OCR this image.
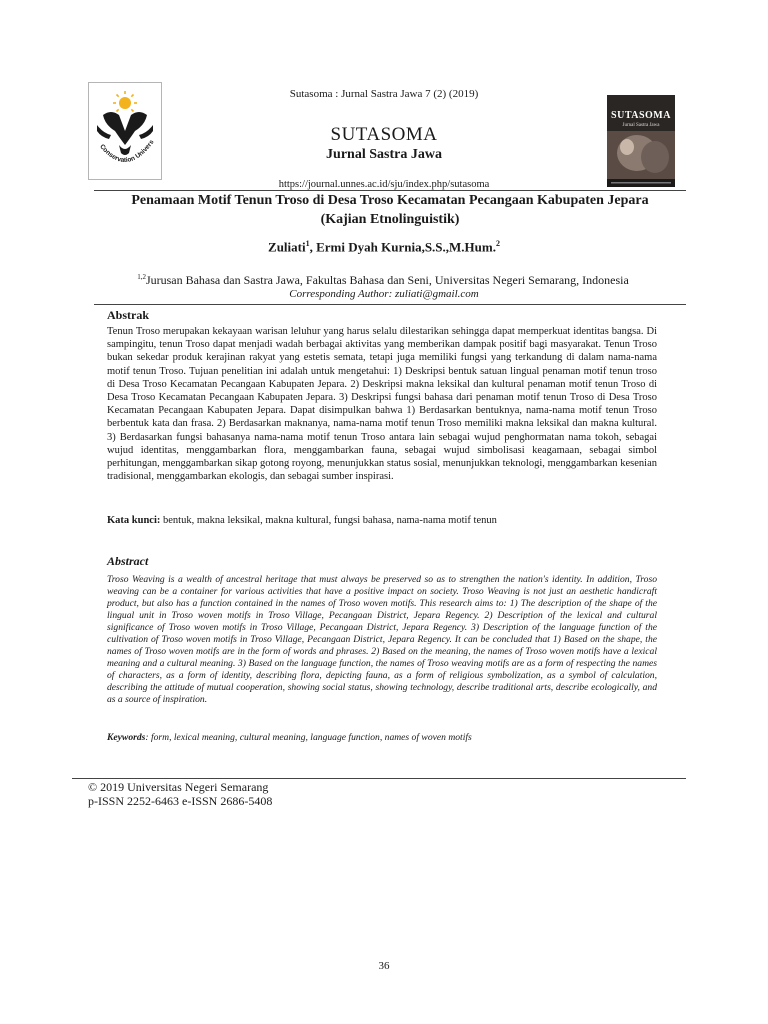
Sutasoma : Jurnal Sastra Jawa 7 (2) (2019)
Conservation Univers
SUTASOMA
Jurnal Sastra Jawa
SUTASOMA
Jurnal Sastra Jawa
https://journal.unnes.ac.id/sju/index.php/sutasoma
Penamaan Motif Tenun Troso di Desa Troso Kecamatan Pecangaan Kabupaten Jepara (Kajian Etnolinguistik)
Zuliati$^1$, Ermi Dyah Kurnia,S.S.,M.Hum.$^2$
$^{1,2}$Jurusan Bahasa dan Sastra Jawa, Fakultas Bahasa dan Seni, Universitas Negeri Semarang, Indonesia
Corresponding Author: zuliati@gmail.com
Abstrak
Tenun Troso merupakan kekayaan warisan leluhur yang harus selalu dilestarikan sehingga dapat memperkuat identitas bangsa. Di sampingitu, tenun Troso dapat menjadi wadah berbagai aktivitas yang memberikan dampak positif bagi masyarakat. Tenun Troso bukan sekedar produk kerajinan rakyat yang estetis semata, tetapi juga memiliki fungsi yang terkandung di dalam nama-nama motif tenun Troso. Tujuan penelitian ini adalah untuk mengetahui: 1) Deskripsi bentuk satuan lingual penaman motif tenun troso di Desa Troso Kecamatan Pecangaan Kabupaten Jepara. 2) Deskripsi makna leksikal dan kultural penaman motif tenun Troso di Desa Troso Kecamatan Pecangaan Kabupaten Jepara. 3) Deskripsi fungsi bahasa dari penaman motif tenun Troso di Desa Troso Kecamatan Pecangaan Kabupaten Jepara. Dapat disimpulkan bahwa 1) Berdasarkan bentuknya, nama-nama motif tenun Troso berbentuk kata dan frasa. 2) Berdasarkan maknanya, nama-nama motif tenun Troso memiliki makna leksikal dan makna kultural. 3) Berdasarkan fungsi bahasanya nama-nama motif tenun Troso antara lain sebagai wujud penghormatan nama tokoh, sebagai wujud identitas, menggambarkan flora, menggambarkan fauna, sebagai wujud simbolisasi keagamaan, sebagai simbol perhitungan, menggambarkan sikap gotong royong, menunjukkan status sosial, menunjukkan teknologi, menggambarkan kesenian tradisional, menggambarkan ekologis, dan sebagai sumber inspirasi.
Kata kunci: bentuk, makna leksikal, makna kultural, fungsi bahasa, nama-nama motif tenun
Abstract
Troso Weaving is a wealth of ancestral heritage that must always be preserved so as to strengthen the nation's identity. In addition, Troso weaving can be a container for various activities that have a positive impact on society. Troso Weaving is not just an aesthetic handicraft product, but also has a function contained in the names of Troso woven motifs. This research aims to: 1) The description of the shape of the lingual unit in Troso woven motifs in Troso Village, Pecangaan District, Jepara Regency. 2) Description of the lexical and cultural significance of Troso woven motifs in Troso Village, Pecangaan District, Jepara Regency. 3) Description of the language function of the cultivation of Troso woven motifs in Troso Village, Pecangaan District, Jepara Regency. It can be concluded that 1) Based on the shape, the names of Troso woven motifs are in the form of words and phrases. 2) Based on the meaning, the names of Troso woven motifs have a lexical meaning and a cultural meaning. 3) Based on the language function, the names of Troso weaving motifs are as a form of respecting the names of characters, as a form of identity, describing flora, depicting fauna, as a form of religious symbolization, as a symbol of calculation, describing the attitude of mutual cooperation, showing social status, showing technology, describe traditional arts, describe ecologically, and as a source of inspiration.
Keywords: form, lexical meaning, cultural meaning, language function, names of woven motifs
© 2019 Universitas Negeri Semarang
p-ISSN 2252-6463 e-ISSN 2686-5408
36
